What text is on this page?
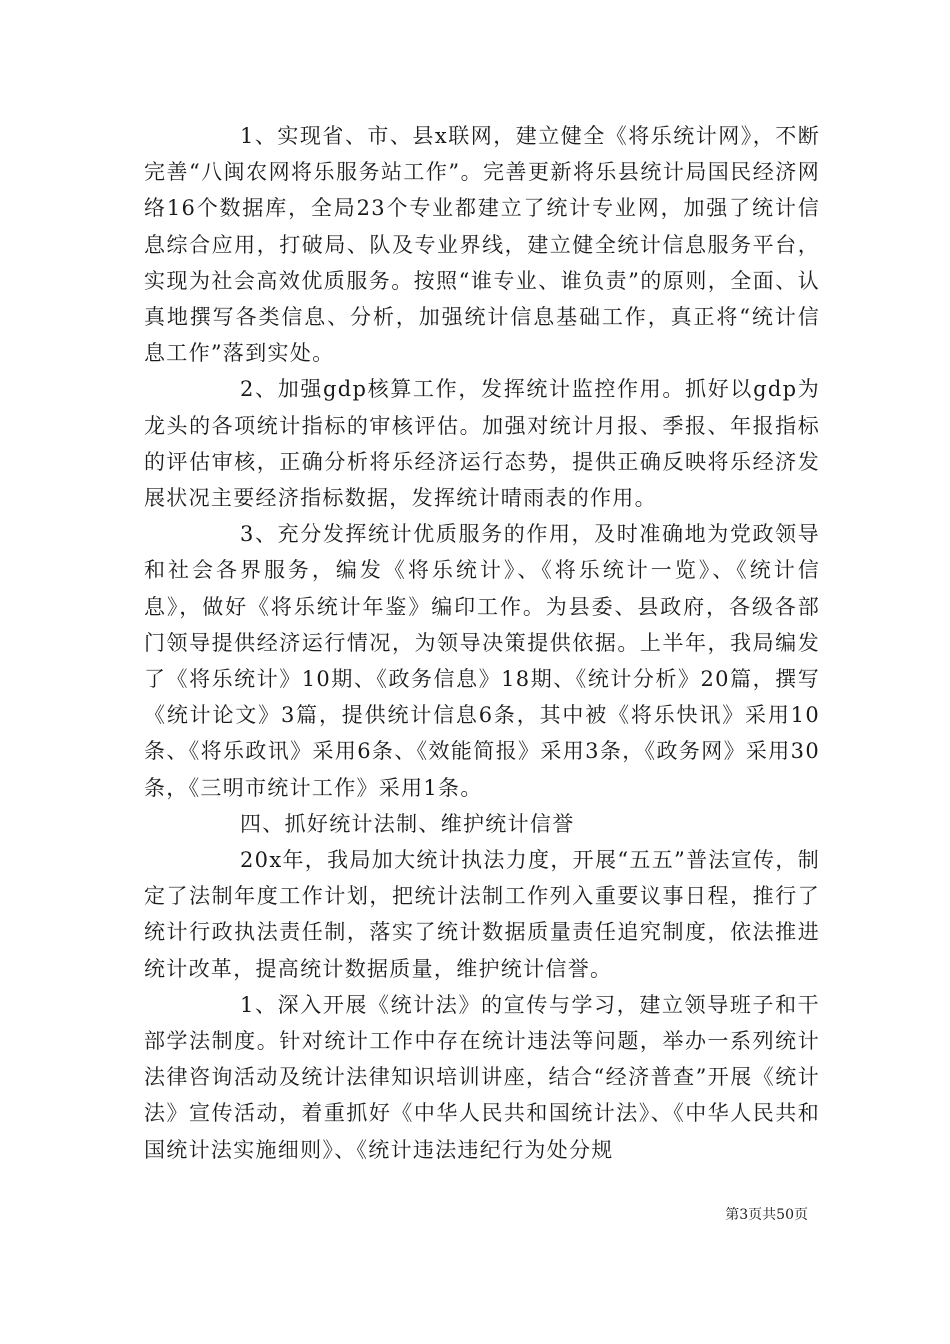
1、实现省、市、县x联网，建立健全《将乐统计网》，不断完善“八闽农网将乐服务站工作”。完善更新将乐县统计局国民经济网络16个数据库，全局23个专业都建立了统计专业网，加强了统计信息综合应用，打破局、队及专业界线，建立健全统计信息服务平台，实现为社会高效优质服务。按照“谁专业、谁负责”的原则，全面、认真地撰写各类信息、分析，加强统计信息基础工作，真正将“统计信息工作”落到实处。

2、加强gdp核算工作，发挥统计监控作用。抓好以gdp为龙头的各项统计指标的审核评估。加强对统计月报、季报、年报指标的评估审核，正确分析将乐经济运行态势，提供正确反映将乐经济发展状况主要经济指标数据，发挥统计晴雨表的作用。

3、充分发挥统计优质服务的作用，及时准确地为党政领导和社会各界服务，编发《将乐统计》、《将乐统计一览》、《统计信息》，做好《将乐统计年鉴》编印工作。为县委、县政府，各级各部门领导提供经济运行情况，为领导决策提供依据。上半年，我局编发了《将乐统计》10期、《政务信息》18期、《统计分析》20篇，撰写《统计论文》3篇，提供统计信息6条，其中被《将乐快讯》采用10条、《将乐政讯》采用6条、《效能简报》采用3条，《政务网》采用30条，《三明市统计工作》采用1条。

四、抓好统计法制、维护统计信誉

20x年，我局加大统计执法力度，开展“五五”普法宣传，制定了法制年度工作计划，把统计法制工作列入重要议事日程，推行了统计行政执法责任制，落实了统计数据质量责任追究制度，依法推进统计改革，提高统计数据质量，维护统计信誉。

1、深入开展《统计法》的宣传与学习，建立领导班子和干部学法制度。针对统计工作中存在统计违法等问题，举办一系列统计法律咨询活动及统计法律知识培训讲座，结合“经济普查”开展《统计法》宣传活动，着重抓好《中华人民共和国统计法》、《中华人民共和国统计法实施细则》、《统计违法违纪行为处分规

第3页共50页
